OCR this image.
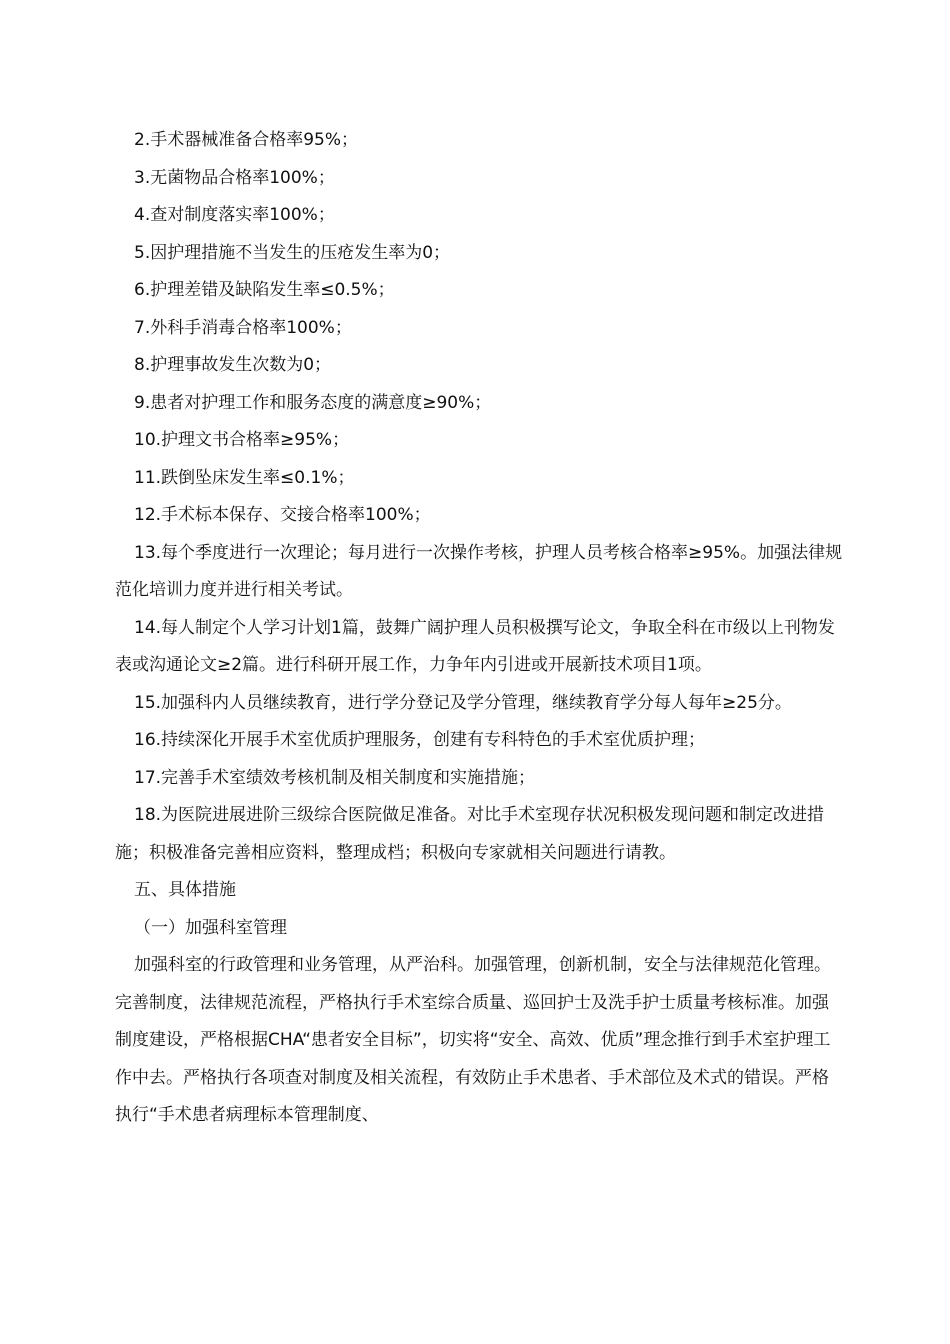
2.手术器械准备合格率95%；

3.无菌物品合格率100%；

4.查对制度落实率100%；

5.因护理措施不当发生的压疮发生率为0；

6.护理差错及缺陷发生率≤0.5%；

7.外科手消毒合格率100%；

8.护理事故发生次数为0；

9.患者对护理工作和服务态度的满意度≥90%；

10.护理文书合格率≥95%；

11.跌倒坠床发生率≤0.1%；

12.手术标本保存、交接合格率100%；

13.每个季度进行一次理论；每月进行一次操作考核，护理人员考核合格率≥95%。加强法律规范化培训力度并进行相关考试。

14.每人制定个人学习计划1篇，鼓舞广阔护理人员积极撰写论文，争取全科在市级以上刊物发表或沟通论文≥2篇。进行科研开展工作，力争年内引进或开展新技术项目1项。

15.加强科内人员继续教育，进行学分登记及学分管理，继续教育学分每人每年≥25分。

16.持续深化开展手术室优质护理服务，创建有专科特色的手术室优质护理；

17.完善手术室绩效考核机制及相关制度和实施措施；

18.为医院进展进阶三级综合医院做足准备。对比手术室现存状况积极发现问题和制定改进措施；积极准备完善相应资料，整理成档；积极向专家就相关问题进行请教。

五、具体措施

（一）加强科室管理

加强科室的行政管理和业务管理，从严治科。加强管理，创新机制，安全与法律规范化管理。完善制度，法律规范流程，严格执行手术室综合质量、巡回护士及洗手护士质量考核标准。加强制度建设，严格根据CHA“患者安全目标”，切实将“安全、高效、优质”理念推行到手术室护理工作中去。严格执行各项查对制度及相关流程，有效防止手术患者、手术部位及术式的错误。严格执行“手术患者病理标本管理制度、
